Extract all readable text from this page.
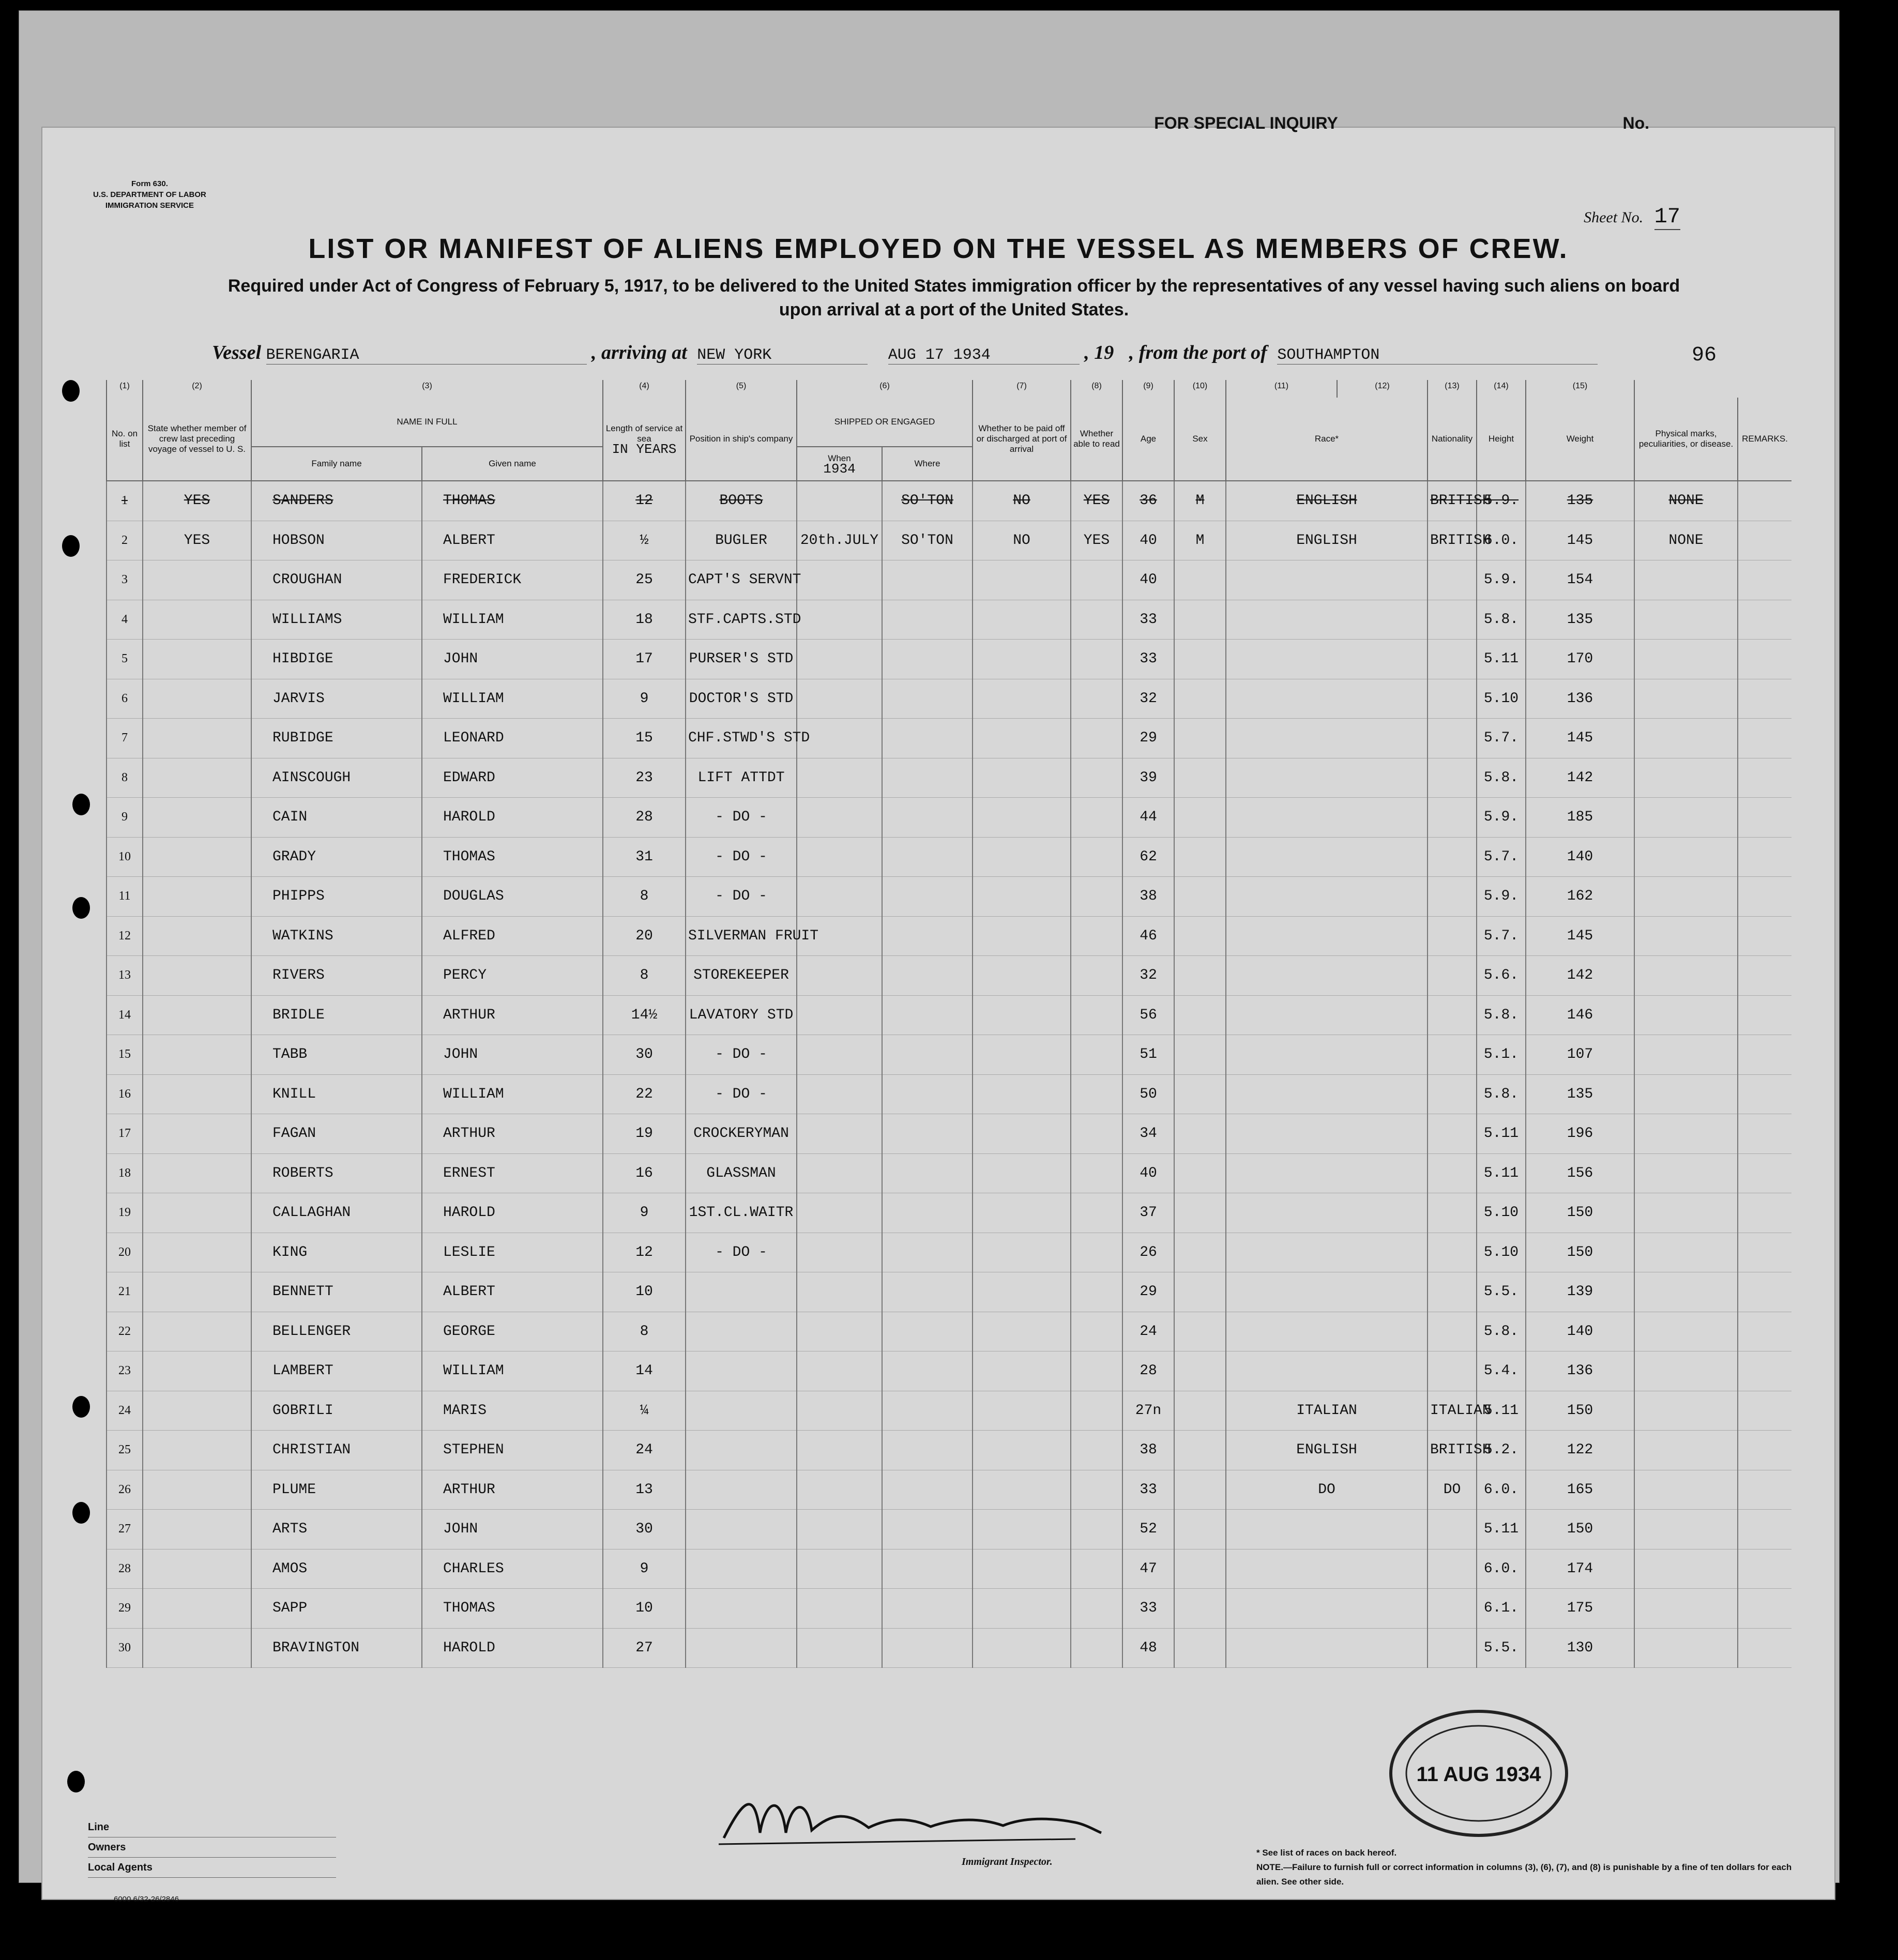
FOR SPECIAL INQUIRY	No.
Form 630.
U.S. DEPARTMENT OF LABOR
IMMIGRATION SERVICE
Sheet No. 17
LIST OR MANIFEST OF ALIENS EMPLOYED ON THE VESSEL AS MEMBERS OF CREW.
Required under Act of Congress of February 5, 1917, to be delivered to the United States immigration officer by the representatives of any vessel having such aliens on board upon arrival at a port of the United States.
Vessel BERENGARIA	, arriving at NEW YORK	AUG 17 1934	, 19 , from the port of SOUTHAMPTON	96
(1)	(2)	(3)		(4)	(5)	(6)		(7)	(8)	(9)	(10)	(11)	(12)	(13)	(14)	(15)		
No. on list	State whether member of crew last preceding voyage of vessel to U. S.	NAME IN FULL		Length of service at sea
IN YEARS	Position in ship's company	SHIPPED OR ENGAGED		Whether to be paid off or discharged at port of arrival	Whether able to read	Age	Sex	Race*		Nationality	Height	Weight	Physical marks, peculiarities, or disease.	REMARKS.
		Family name	Given name			When
1934	Where											
1	YES	SANDERS	THOMAS	12	BOOTS		SO'TON	NO	YES	36	M	ENGLISH		BRITISH	5.9.	135	NONE	
2	YES	HOBSON	ALBERT	½	BUGLER	20th.JULY	SO'TON	NO	YES	40	M	ENGLISH		BRITISH	6.0.	145	NONE	
3		CROUGHAN	FREDERICK	25	CAPT'S SERVNT					40					5.9.	154		
4		WILLIAMS	WILLIAM	18	STF.CAPTS.STD					33					5.8.	135		
5		HIBDIGE	JOHN	17	PURSER'S STD					33					5.11	170		
6		JARVIS	WILLIAM	9	DOCTOR'S STD					32					5.10	136		
7		RUBIDGE	LEONARD	15	CHF.STWD'S STD					29					5.7.	145		
8		AINSCOUGH	EDWARD	23	LIFT ATTDT					39					5.8.	142		
9		CAIN	HAROLD	28	- DO -					44					5.9.	185		
10		GRADY	THOMAS	31	- DO -					62					5.7.	140		
11		PHIPPS	DOUGLAS	8	- DO -					38					5.9.	162		
12		WATKINS	ALFRED	20	SILVERMAN FRUIT					46					5.7.	145		
13		RIVERS	PERCY	8	STOREKEEPER					32					5.6.	142		
14		BRIDLE	ARTHUR	14½	LAVATORY STD					56					5.8.	146		
15		TABB	JOHN	30	- DO -					51					5.1.	107		
16		KNILL	WILLIAM	22	- DO -					50					5.8.	135		
17		FAGAN	ARTHUR	19	CROCKERYMAN					34					5.11	196		
18		ROBERTS	ERNEST	16	GLASSMAN					40					5.11	156		
19		CALLAGHAN	HAROLD	9	1ST.CL.WAITR					37					5.10	150		
20		KING	LESLIE	12	- DO -					26					5.10	150		
21		BENNETT	ALBERT	10						29					5.5.	139		
22		BELLENGER	GEORGE	8						24					5.8.	140		
23		LAMBERT	WILLIAM	14						28					5.4.	136		
24		GOBRILI	MARIS	¼						27n		ITALIAN		ITALIAN	5.11	150		
25		CHRISTIAN	STEPHEN	24						38		ENGLISH		BRITISH	5.2.	122		
26		PLUME	ARTHUR	13						33		DO		DO	6.0.	165		
27		ARTS	JOHN	30						52					5.11	150		
28		AMOS	CHARLES	9						47					6.0.	174		
29		SAPP	THOMAS	10						33					6.1.	175		
30		BRAVINGTON	HAROLD	27						48					5.5.	130		
Line
Owners
Local Agents
6000 6/32-26/2846
Immigrant Inspector.
11 AUG 1934
* See list of races on back hereof.
NOTE.—Failure to furnish full or correct information in columns (3), (6), (7), and (8) is punishable by a fine of ten dollars for each alien. See other side.
